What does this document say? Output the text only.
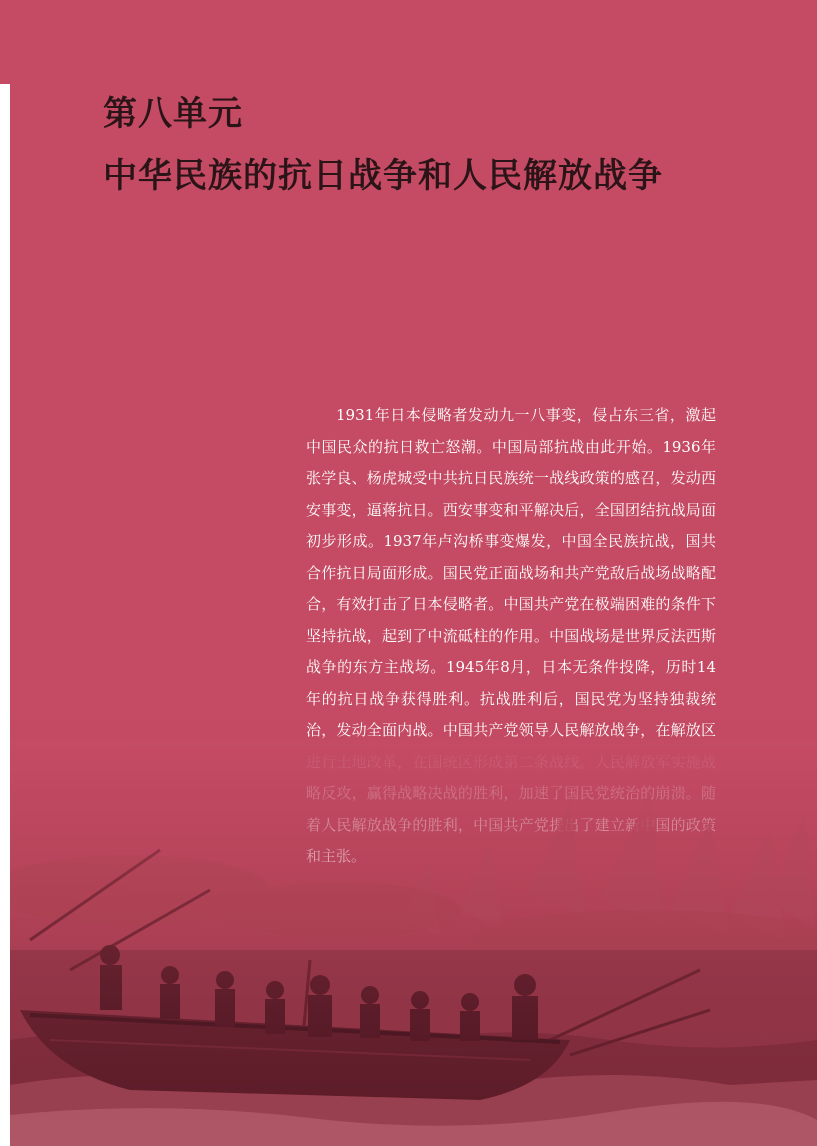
第八单元
中华民族的抗日战争和人民解放战争

1931年日本侵略者发动九一八事变，侵占东三省，激起中国民众的抗日救亡怒潮。中国局部抗战由此开始。1936年张学良、杨虎城受中共抗日民族统一战线政策的感召，发动西安事变，逼蒋抗日。西安事变和平解决后，全国团结抗战局面初步形成。1937年卢沟桥事变爆发，中国全民族抗战，国共合作抗日局面形成。国民党正面战场和共产党敌后战场战略配合，有效打击了日本侵略者。中国共产党在极端困难的条件下坚持抗战，起到了中流砥柱的作用。中国战场是世界反法西斯战争的东方主战场。1945年8月，日本无条件投降，历时14年的抗日战争获得胜利。抗战胜利后，国民党为坚持独裁统治，发动全面内战。中国共产党领导人民解放战争，在解放区
